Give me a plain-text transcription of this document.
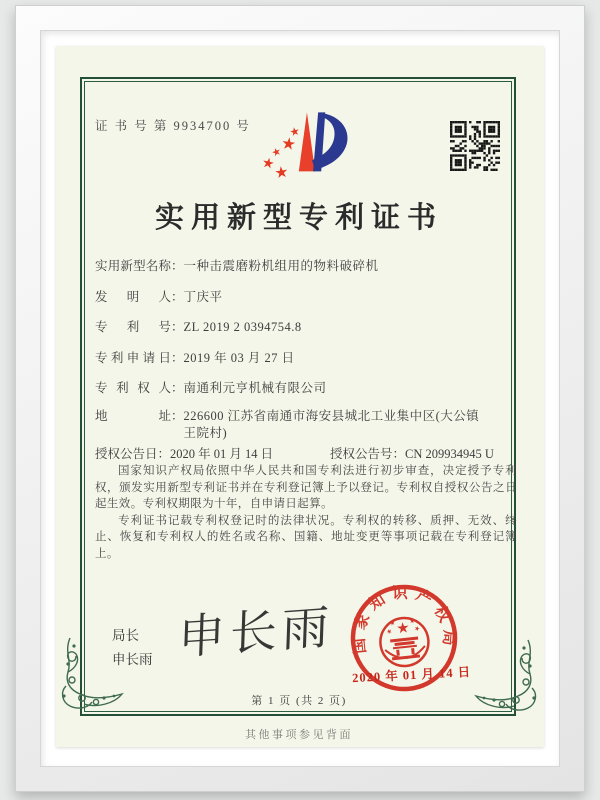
证 书 号 第 9934700 号
实用新型专利证书
实用新型名称 ： 一种击震磨粉机组用的物料破碎机
发明人 ： 丁庆平
专利号 ： ZL 2019 2 0394754.8
专利申请日 ： 2019 年 03 月 27 日
专利权人 ： 南通利元亨机械有限公司
地址 ： 226600 江苏省南通市海安县城北工业集中区(大公镇王院村)
授权公告日 ： 2020 年 01 月 14 日	授权公告号 ： CN 209934945 U

国家知识产权局依照中华人民共和国专利法进行初步审查，决定授予专利权，颁发实用新型专利证书并在专利登记簿上予以登记。专利权自授权公告之日起生效。专利权期限为十年，自申请日起算。

专利证书记载专利权登记时的法律状况。专利权的转移、质押、无效、终止、恢复和专利权人的姓名或名称、国籍、地址变更等事项记载在专利登记簿上。

局长
申长雨 申长雨 国家知识产权局
2020 年 01 月 14 日
第 1 页 (共 2 页)
其他事项参见背面
